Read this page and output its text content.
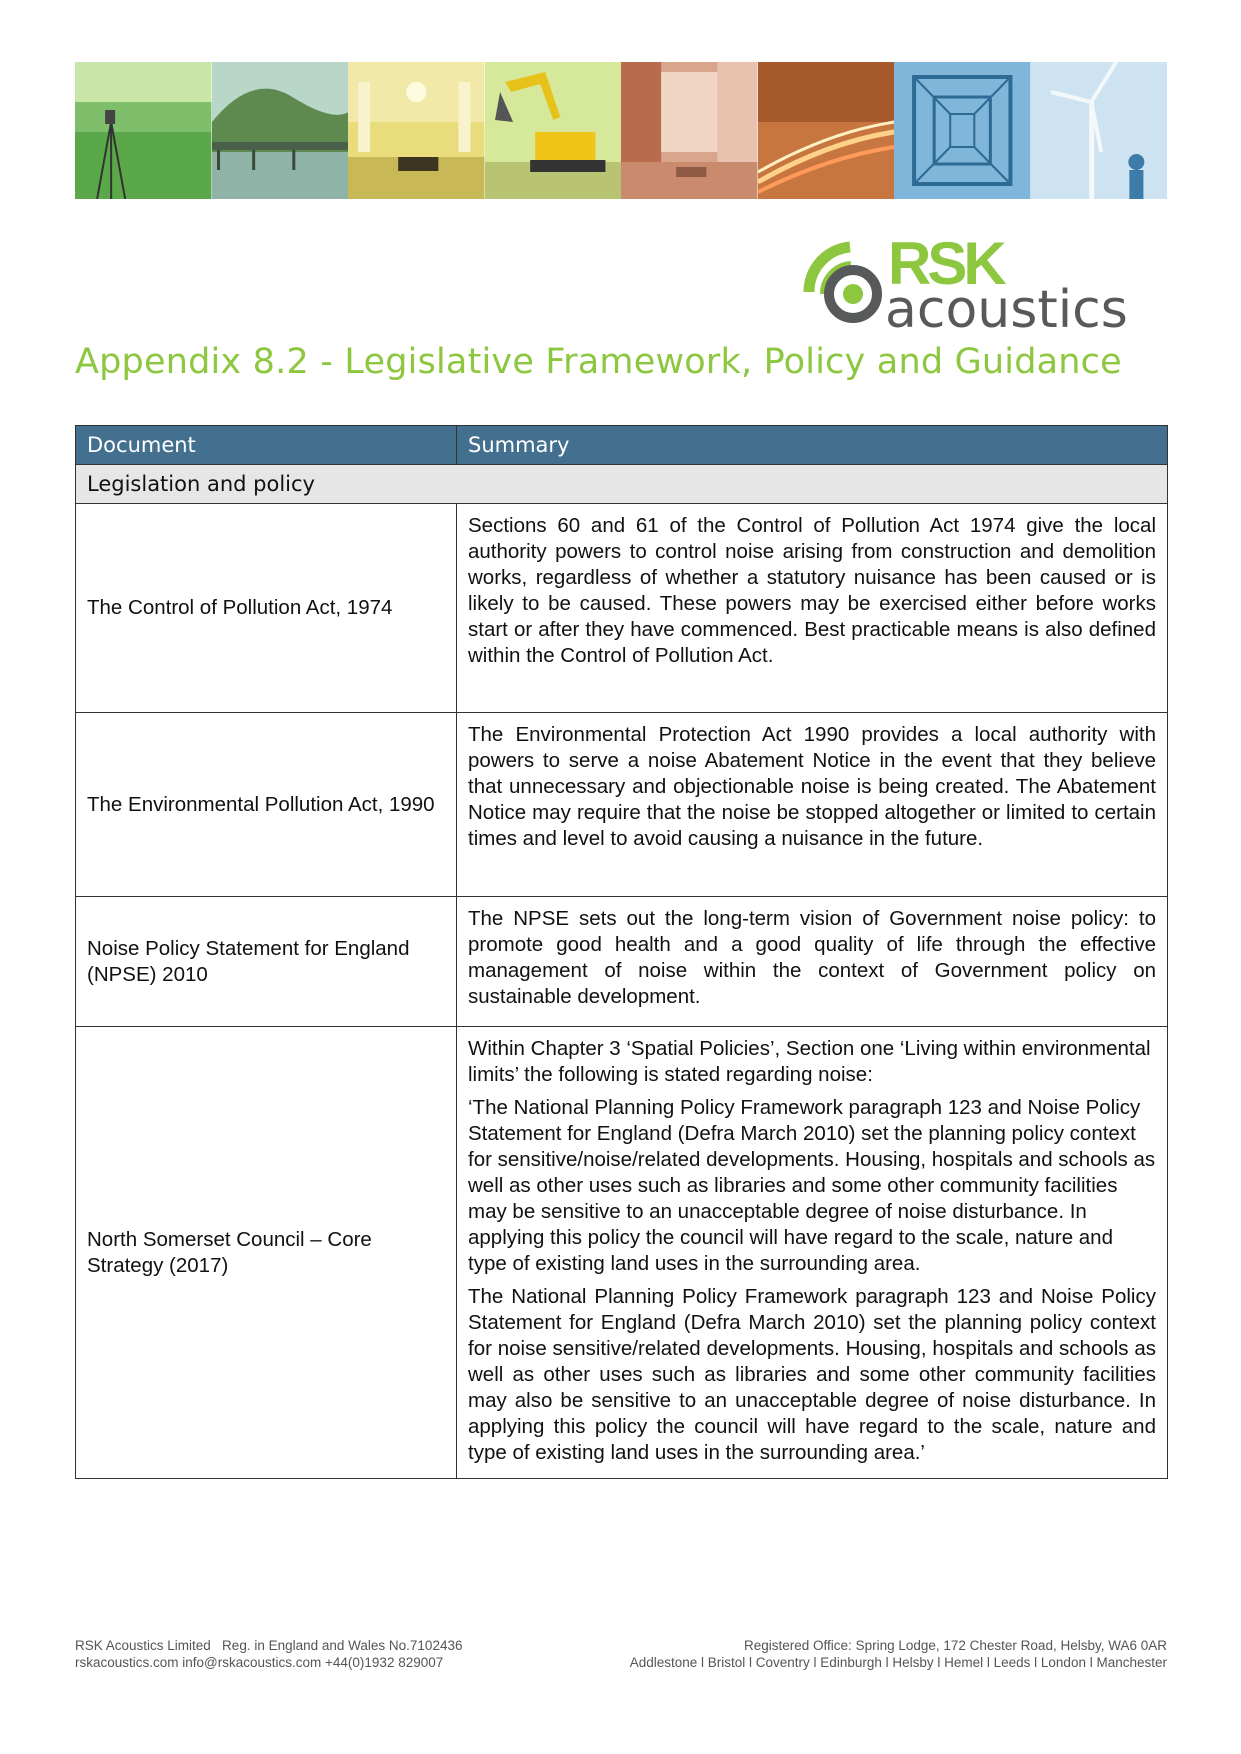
RSK
acoustics
Appendix 8.2 - Legislative Framework, Policy and Guidance
Document	Summary
Legislation and policy	
The Control of Pollution Act, 1974	Sections 60 and 61 of the Control of Pollution Act 1974 give the local authority powers to control noise arising from construction and demolition works, regardless of whether a statutory nuisance has been caused or is likely to be caused. These powers may be exercised either before works start or after they have commenced. Best practicable means is also defined within the Control of Pollution Act.

The Environmental Pollution Act, 1990	The Environmental Protection Act 1990 provides a local authority with powers to serve a noise Abatement Notice in the event that they believe that unnecessary and objectionable noise is being created. The Abatement Notice may require that the noise be stopped altogether or limited to certain times and level to avoid causing a nuisance in the future.

Noise Policy Statement for England (NPSE) 2010	The NPSE sets out the long-term vision of Government noise policy: to promote good health and a good quality of life through the effective management of noise within the context of Government policy on sustainable development.

North Somerset Council – Core Strategy (2017)	Within Chapter 3 ‘Spatial Policies’, Section one ‘Living within environmental limits’ the following is stated regarding noise:

‘The National Planning Policy Framework paragraph 123 and Noise Policy Statement for England (Defra March 2010) set the planning policy context for sensitive/noise/related developments. Housing, hospitals and schools as well as other uses such as libraries and some other community facilities may be sensitive to an unacceptable degree of noise disturbance. In applying this policy the council will have regard to the scale, nature and type of existing land uses in the surrounding area.

The National Planning Policy Framework paragraph 123 and Noise Policy Statement for England (Defra March 2010) set the planning policy context for noise sensitive/related developments. Housing, hospitals and schools as well as other uses such as libraries and some other community facilities may also be sensitive to an unacceptable degree of noise disturbance. In applying this policy the council will have regard to the scale, nature and type of existing land uses in the surrounding area.’

RSK Acoustics Limited   Reg. in England and Wales No.7102436
rskacoustics.com info@rskacoustics.com +44(0)1932 829007
Registered Office: Spring Lodge, 172 Chester Road, Helsby, WA6 0AR
Addlestone l Bristol l Coventry l Edinburgh l Helsby l Hemel l Leeds l London l Manchester
